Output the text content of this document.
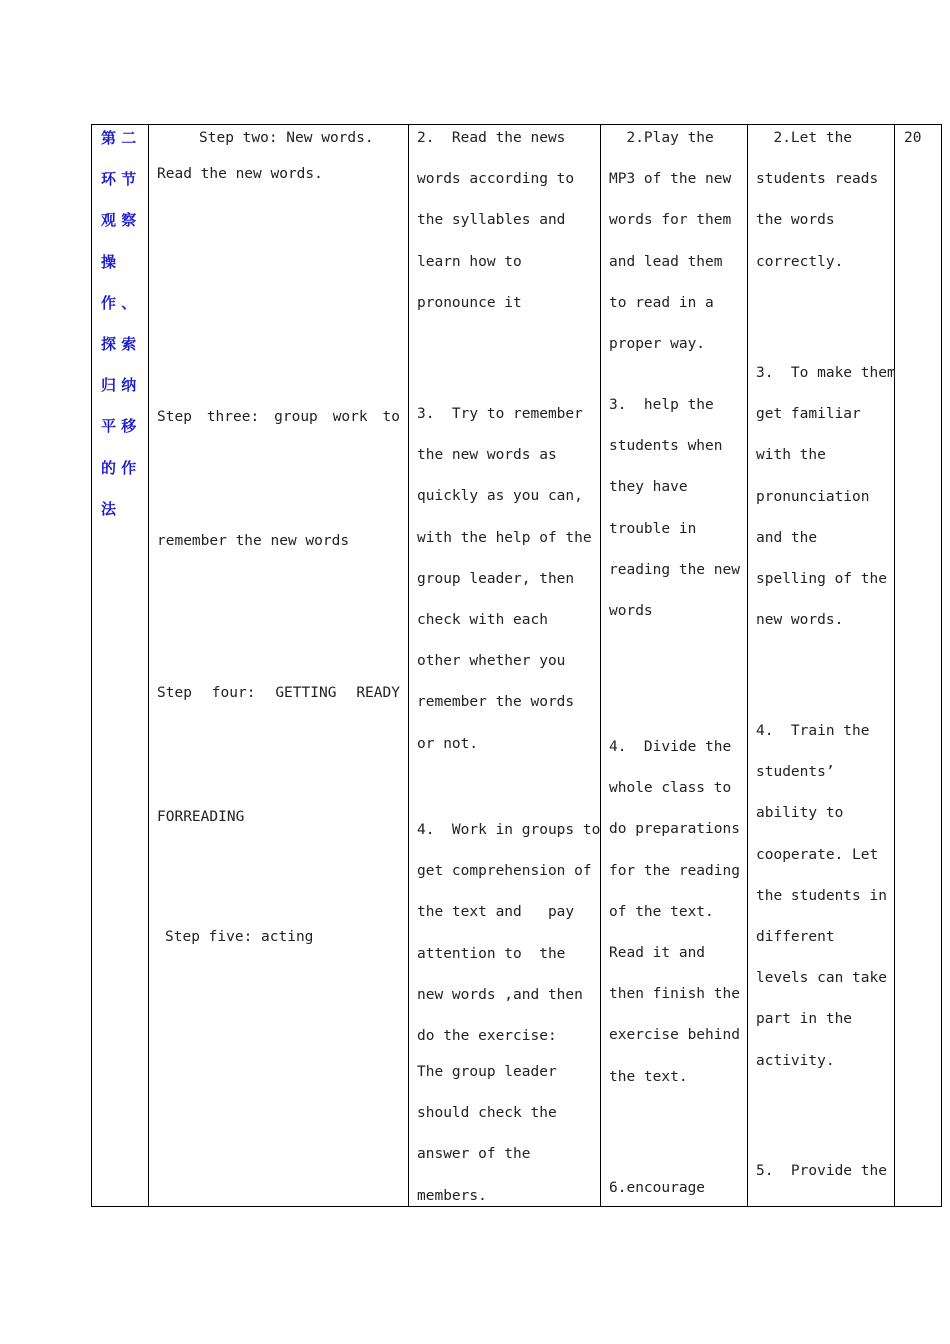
第 二
环 节
观 察
操
作 、
探 索
归 纳
平 移
的 作
法
Step two: New words.
Read the new words.

Step three: group work to

remember the new words

Step four: GETTING READY

FORREADING

Step five: acting
2.  Read the news
words according to
the syllables and
learn how to
pronounce it
3.  Try to remember
the new words as
quickly as you can,
with the help of the
group leader, then
check with each
other whether you
remember the words
or not.
4.  Work in groups to
get comprehension of
the text and   pay
attention to  the
new words ,and then
do the exercise:
The group leader
should check the
answer of the
members.
2.Play the
MP3 of the new
words for them
and lead them
to read in a
proper way.
3.  help the
students when
they have
trouble in
reading the new
words
4.  Divide the
whole class to
do preparations
for the reading
of the text.
Read it and
then finish the
exercise behind
the text.
6.encourage
2.Let the
students reads
the words
correctly.
3.  To make them
get familiar
with the
pronunciation
and the
spelling of the
new words.
4.  Train the
students’
ability to
cooperate. Let
the students in
different
levels can take
part in the
activity.
5.  Provide the
20
